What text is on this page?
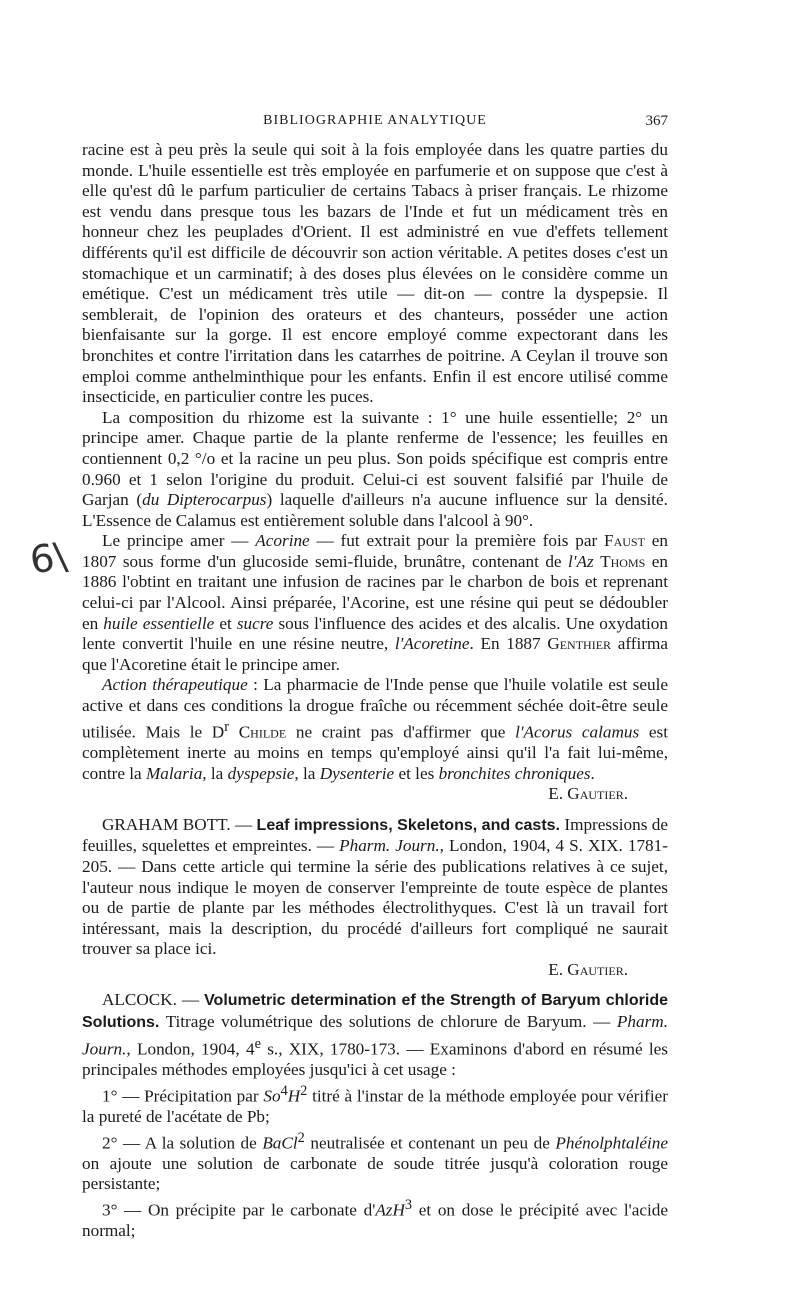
BIBLIOGRAPHIE ANALYTIQUE	367
6\

racine est à peu près la seule qui soit à la fois employée dans les quatre parties du monde. L'huile essentielle est très employée en parfumerie et on suppose que c'est à elle qu'est dû le parfum particulier de certains Tabacs à priser français. Le rhizome est vendu dans presque tous les bazars de l'Inde et fut un médicament très en honneur chez les peuplades d'Orient. Il est administré en vue d'effets tellement différents qu'il est difficile de découvrir son action véritable. A petites doses c'est un stomachique et un carminatif; à des doses plus élevées on le considère comme un emétique. C'est un médicament très utile — dit-on — contre la dyspepsie. Il semblerait, de l'opinion des orateurs et des chanteurs, posséder une action bienfaisante sur la gorge. Il est encore employé comme expectorant dans les bronchites et contre l'irritation dans les catarrhes de poitrine. A Ceylan il trouve son emploi comme anthelminthique pour les enfants. Enfin il est encore utilisé comme insecticide, en particulier contre les puces.

La composition du rhizome est la suivante : 1° une huile essentielle; 2° un principe amer. Chaque partie de la plante renferme de l'essence; les feuilles en contiennent 0,2 °/o et la racine un peu plus. Son poids spécifique est compris entre 0.960 et 1 selon l'origine du produit. Celui-ci est souvent falsifié par l'huile de Garjan (du Dipterocarpus) laquelle d'ailleurs n'a aucune influence sur la densité. L'Essence de Calamus est entièrement soluble dans l'alcool à 90°.

Le principe amer — Acorine — fut extrait pour la première fois par Faust en 1807 sous forme d'un glucoside semi-fluide, brunâtre, contenant de l'Az Thoms en 1886 l'obtint en traitant une infusion de racines par le charbon de bois et reprenant celui-ci par l'Alcool. Ainsi préparée, l'Acorine, est une résine qui peut se dédoubler en huile essentielle et sucre sous l'influence des acides et des alcalis. Une oxydation lente convertit l'huile en une résine neutre, l'Acoretine. En 1887 Genthier affirma que l'Acoretine était le principe amer.

Action thérapeutique : La pharmacie de l'Inde pense que l'huile volatile est seule active et dans ces conditions la drogue fraîche ou récemment séchée doit-être seule utilisée. Mais le $D^r$ Childe ne craint pas d'affirmer que l'Acorus calamus est complètement inerte au moins en temps qu'employé ainsi qu'il l'a fait lui-même, contre la Malaria, la dyspepsie, la Dysenterie et les bronchites chroniques.

E. Gautier.

GRAHAM BOTT. — Leaf impressions, Skeletons, and casts. Impressions de feuilles, squelettes et empreintes. — Pharm. Journ., London, 1904, 4 S. XIX. 1781-205. — Dans cette article qui termine la série des publications relatives à ce sujet, l'auteur nous indique le moyen de conserver l'empreinte de toute espèce de plantes ou de partie de plante par les méthodes électrolithyques. C'est là un travail fort intéressant, mais la description, du procédé d'ailleurs fort compliqué ne saurait trouver sa place ici.

E. Gautier.

ALCOCK. — Volumetric determination ef the Strength of Baryum chloride Solutions. Titrage volumétrique des solutions de chlorure de Baryum. — Pharm. Journ., London, 1904, 4e s., XIX, 1780-173. — Examinons d'abord en résumé les principales méthodes employées jusqu'ici à cet usage :

1° — Précipitation par $So^4H^2$ titré à l'instar de la méthode employée pour vérifier la pureté de l'acétate de Pb;

2° — A la solution de BaCl$^2$ neutralisée et contenant un peu de Phénolphtaléine on ajoute une solution de carbonate de soude titrée jusqu'à coloration rouge persistante;

3° — On précipite par le carbonate d'AzH$^3$ et on dose le précipité avec l'acide normal;
